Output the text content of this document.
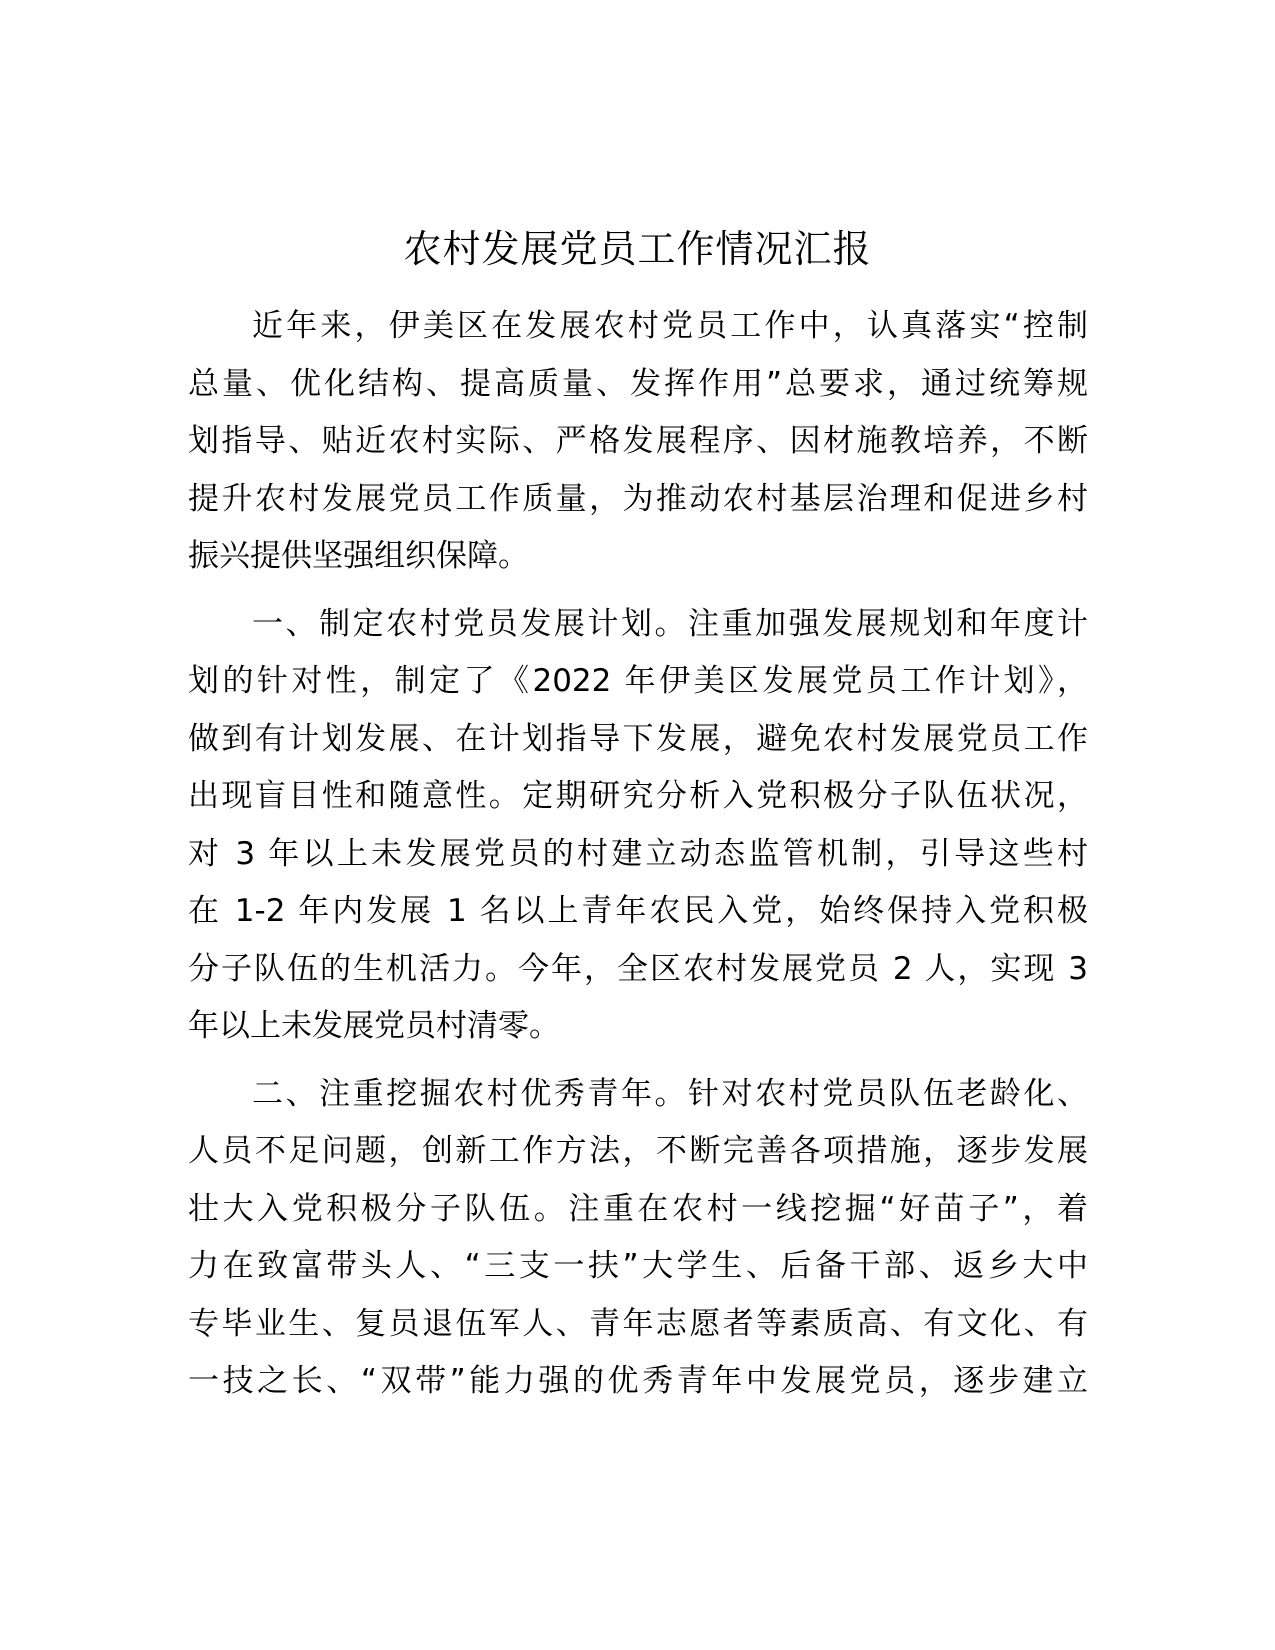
农村发展党员工作情况汇报
近年来，伊美区在发展农村党员工作中，认真落实“控制
总量、优化结构、提高质量、发挥作用”总要求，通过统筹规
划指导、贴近农村实际、严格发展程序、因材施教培养，不断
提升农村发展党员工作质量，为推动农村基层治理和促进乡村
振兴提供坚强组织保障。
一、制定农村党员发展计划。注重加强发展规划和年度计
划的针对性，制定了《2022 年伊美区发展党员工作计划》，
做到有计划发展、在计划指导下发展，避免农村发展党员工作
出现盲目性和随意性。定期研究分析入党积极分子队伍状况，
对 3 年以上未发展党员的村建立动态监管机制，引导这些村
在 1-2 年内发展 1 名以上青年农民入党，始终保持入党积极
分子队伍的生机活力。今年，全区农村发展党员 2 人，实现 3
年以上未发展党员村清零。
二、注重挖掘农村优秀青年。针对农村党员队伍老龄化、
人员不足问题，创新工作方法，不断完善各项措施，逐步发展
壮大入党积极分子队伍。注重在农村一线挖掘“好苗子”，着
力在致富带头人、“三支一扶”大学生、后备干部、返乡大中
专毕业生、复员退伍军人、青年志愿者等素质高、有文化、有
一技之长、“双带”能力强的优秀青年中发展党员，逐步建立
